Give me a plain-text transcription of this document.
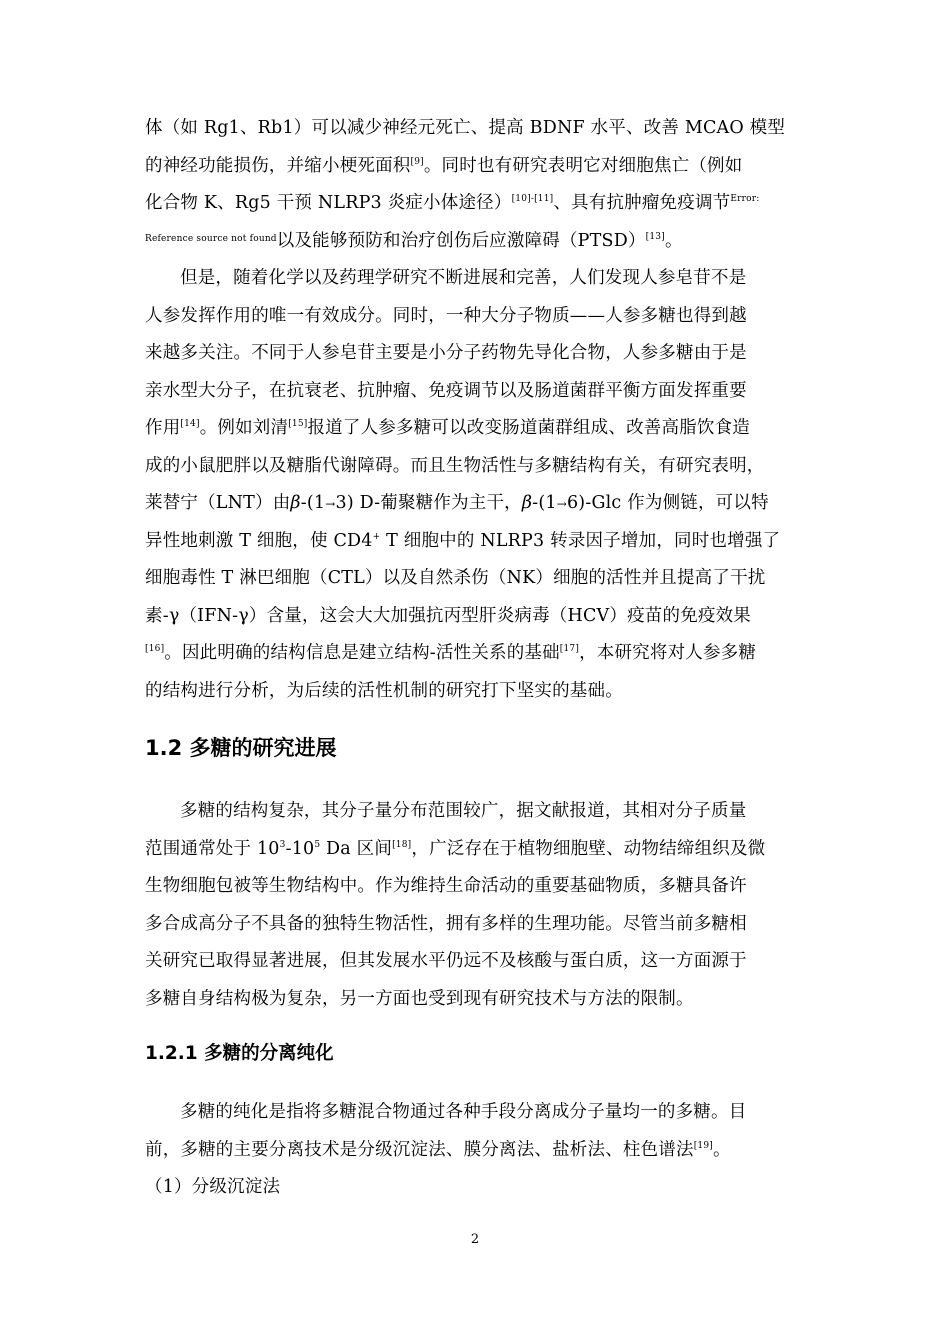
体（如 Rg1、Rb1）可以减少神经元死亡、提高 BDNF 水平、改善 MCAO 模型
的神经功能损伤，并缩小梗死面积[9]。同时也有研究表明它对细胞焦亡（例如
化合物 K、Rg5 干预 NLRP3 炎症小体途径）[10]-[11]、具有抗肿瘤免疫调节$^{Error:}$
$^{Reference source not found}$以及能够预防和治疗创伤后应激障碍（PTSD）[13]。
但是，随着化学以及药理学研究不断进展和完善，人们发现人参皂苷不是
人参发挥作用的唯一有效成分。同时，一种大分子物质——人参多糖也得到越
来越多关注。不同于人参皂苷主要是小分子药物先导化合物，人参多糖由于是
亲水型大分子，在抗衰老、抗肿瘤、免疫调节以及肠道菌群平衡方面发挥重要
作用[14]。例如刘清[15]报道了人参多糖可以改变肠道菌群组成、改善高脂饮食造
成的小鼠肥胖以及糖脂代谢障碍。而且生物活性与多糖结构有关，有研究表明，
莱替宁（LNT）由β-(1→3) D-葡聚糖作为主干，β-(1→6)-Glc 作为侧链，可以特
异性地刺激 T 细胞，使 CD4+ T 细胞中的 NLRP3 转录因子增加，同时也增强了
细胞毒性 T 淋巴细胞（CTL）以及自然杀伤（NK）细胞的活性并且提高了干扰
素-γ（IFN-γ）含量，这会大大加强抗丙型肝炎病毒（HCV）疫苗的免疫效果
[16]。因此明确的结构信息是建立结构-活性关系的基础[17]，本研究将对人参多糖
的结构进行分析，为后续的活性机制的研究打下坚实的基础。
1.2 多糖的研究进展
多糖的结构复杂，其分子量分布范围较广，据文献报道，其相对分子质量
范围通常处于 $10^3-10^5$ Da 区间[18]，广泛存在于植物细胞壁、动物结缔组织及微
生物细胞包被等生物结构中。作为维持生命活动的重要基础物质，多糖具备许
多合成高分子不具备的独特生物活性，拥有多样的生理功能。尽管当前多糖相
关研究已取得显著进展，但其发展水平仍远不及核酸与蛋白质，这一方面源于
多糖自身结构极为复杂，另一方面也受到现有研究技术与方法的限制。
1.2.1 多糖的分离纯化
多糖的纯化是指将多糖混合物通过各种手段分离成分子量均一的多糖。目
前，多糖的主要分离技术是分级沉淀法、膜分离法、盐析法、柱色谱法[19]。
（1）分级沉淀法
2
